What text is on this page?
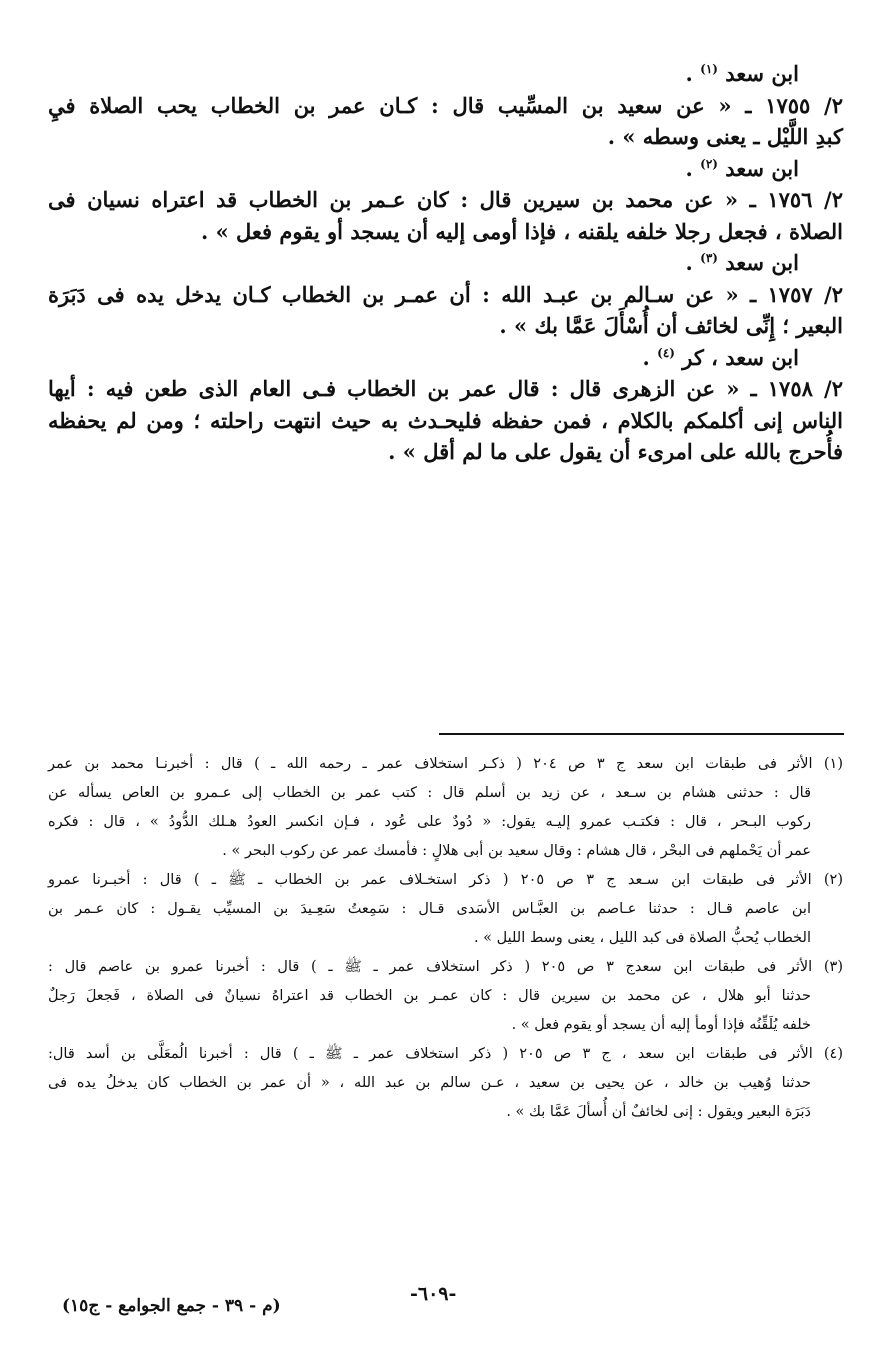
ابن سعد $^{(١)}$ .
٢/ ١٧٥٥ ـ « عن سعيد بن المسِّيب قال : كـان عمر بن الخطاب يحب الصلاة فيِ
كبدِ اللَّيْل ـ يعنى وسطه » .
ابن سعد $^{(٢)}$ .
٢/ ١٧٥٦ ـ « عن محمد بن سيرين قال : كان عـمر بن الخطاب قد اعتراه نسيان فى
الصلاة ، فجعل رجلا خلفه يلقنه ، فإذا أومى إليه أن يسجد أو يقوم فعل » .
ابن سعد $^{(٣)}$ .
٢/ ١٧٥٧ ـ « عن سـالم بن عبـد الله : أن عمـر بن الخطاب كـان يدخل يده فى دَبَرَة
البعير ؛ إِنِّى لخائف أن أُسْأَلَ عَمَّا بك » .
ابن سعد ، كر $^{(٤)}$ .
٢/ ١٧٥٨ ـ « عن الزهرى قال : قال عمر بن الخطاب فـى العام الذى طعن فيه : أيها
الناس إنى أكلمكم بالكلام ، فمن حفظه فليحـدث به حيث انتهت راحلته ؛ ومن لم يحفظه
فأُحرج بالله على امرىء أن يقول على ما لم أقل » .
(١) الأثر فى طبقات ابن سعد ج ٣ ص ٢٠٤ ( ذكـر استخلاف عمر ـ رحمه الله ـ ) قال : أخبرنـا محمد بن عمر
قال : حدثنى هشام بن سـعد ، عن زيد بن أسلم قال : كتب عمر بن الخطاب إلى عـمرو بن العاص يسأله عن
ركوب البـحر ، قال : فكتـب عمرو إليـه يقول: « دُودٌ على عُود ، فـإن انكسر العودُ هـلك الدُّودُ » ، قال : فكره
عمر أن يَحْملهم فى البحْر ، قال هشام : وقال سعيد بن أبى هلالٍ : فأمسك عمر عن ركوب البحر » .
(٢) الأثر فى طبقات ابن سـعد ج ٣ ص ٢٠٥ ( ذكر استخـلاف عمر بن الخطاب ـ ﷺ ـ ) قال : أخبـرنا عمرو
ابن عاصم قـال : حدثنا عـاصم بن العبَّـاس الأسَدى قـال : سَمِعتُ سَعِـيدَ بن المسيِّب يقـول : كان عـمر بن
الخطاب يُحبُّ الصلاة فى كبد الليل ، يعنى وسط الليل » .
(٣) الأثر فى طبقات ابن سعدج ٣ ص ٢٠٥ ( ذكر استخلاف عمر ـ ﷺ ـ ) قال : أخبرنا عمرو بن عاصم قال :
حدثنا أبو هلال ، عن محمد بن سيرين قال : كان عمـر بن الخطاب قد اعتراهُ نسيانٌ فى الصلاة ، فَجعلَ رَجلٌ
خلفه يُلَقِّنُه فإذا أومأ إليه أن يسجد أو يقوم فعل » .
(٤) الأثر فى طبقات ابن سعد ، ج ٣ ص ٢٠٥ ( ذكر استخلاف عمر ـ ﷺ ـ ) قال : أخبرنا الُمعَلَّى بن أسد قال:
حدثنا وُهيب بن خالد ، عن يحيى بن سعيد ، عـن سالم بن عبد الله ، « أن عمر بن الخطاب كان يدخلُ يده فى
دَبَرَة البعير ويقول : إنى لخائفٌ أن أُسألَ عَمَّا بك » .
-٦٠٩-
(م - ٣٩ - جمع الجوامع - ج١٥)
